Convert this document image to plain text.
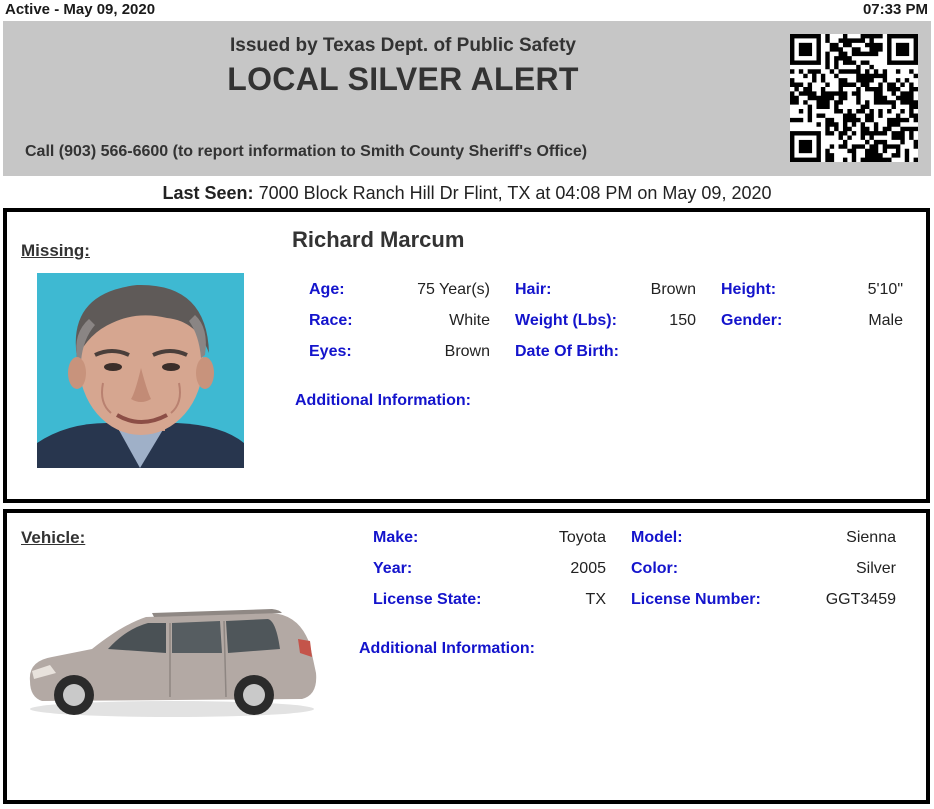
Active - May 09, 2020	07:33 PM
Issued by Texas Dept. of Public Safety
LOCAL SILVER ALERT
Call (903) 566-6600 (to report information to Smith County Sheriff's Office)
Last Seen: 7000 Block Ranch Hill Dr Flint, TX at 04:08 PM on May 09, 2020
Missing:	Richard Marcum
Age:	75 Year(s) Hair:	Brown Height:	5'10"
Race:	White Weight (Lbs):	150 Gender:	Male
Eyes:	Brown Date Of Birth:
Additional Information:
Vehicle:	Make:	Toyota Model:	Sienna
Year:	2005 Color:	Silver
License State:	TX License Number:	GGT3459
Additional Information:
